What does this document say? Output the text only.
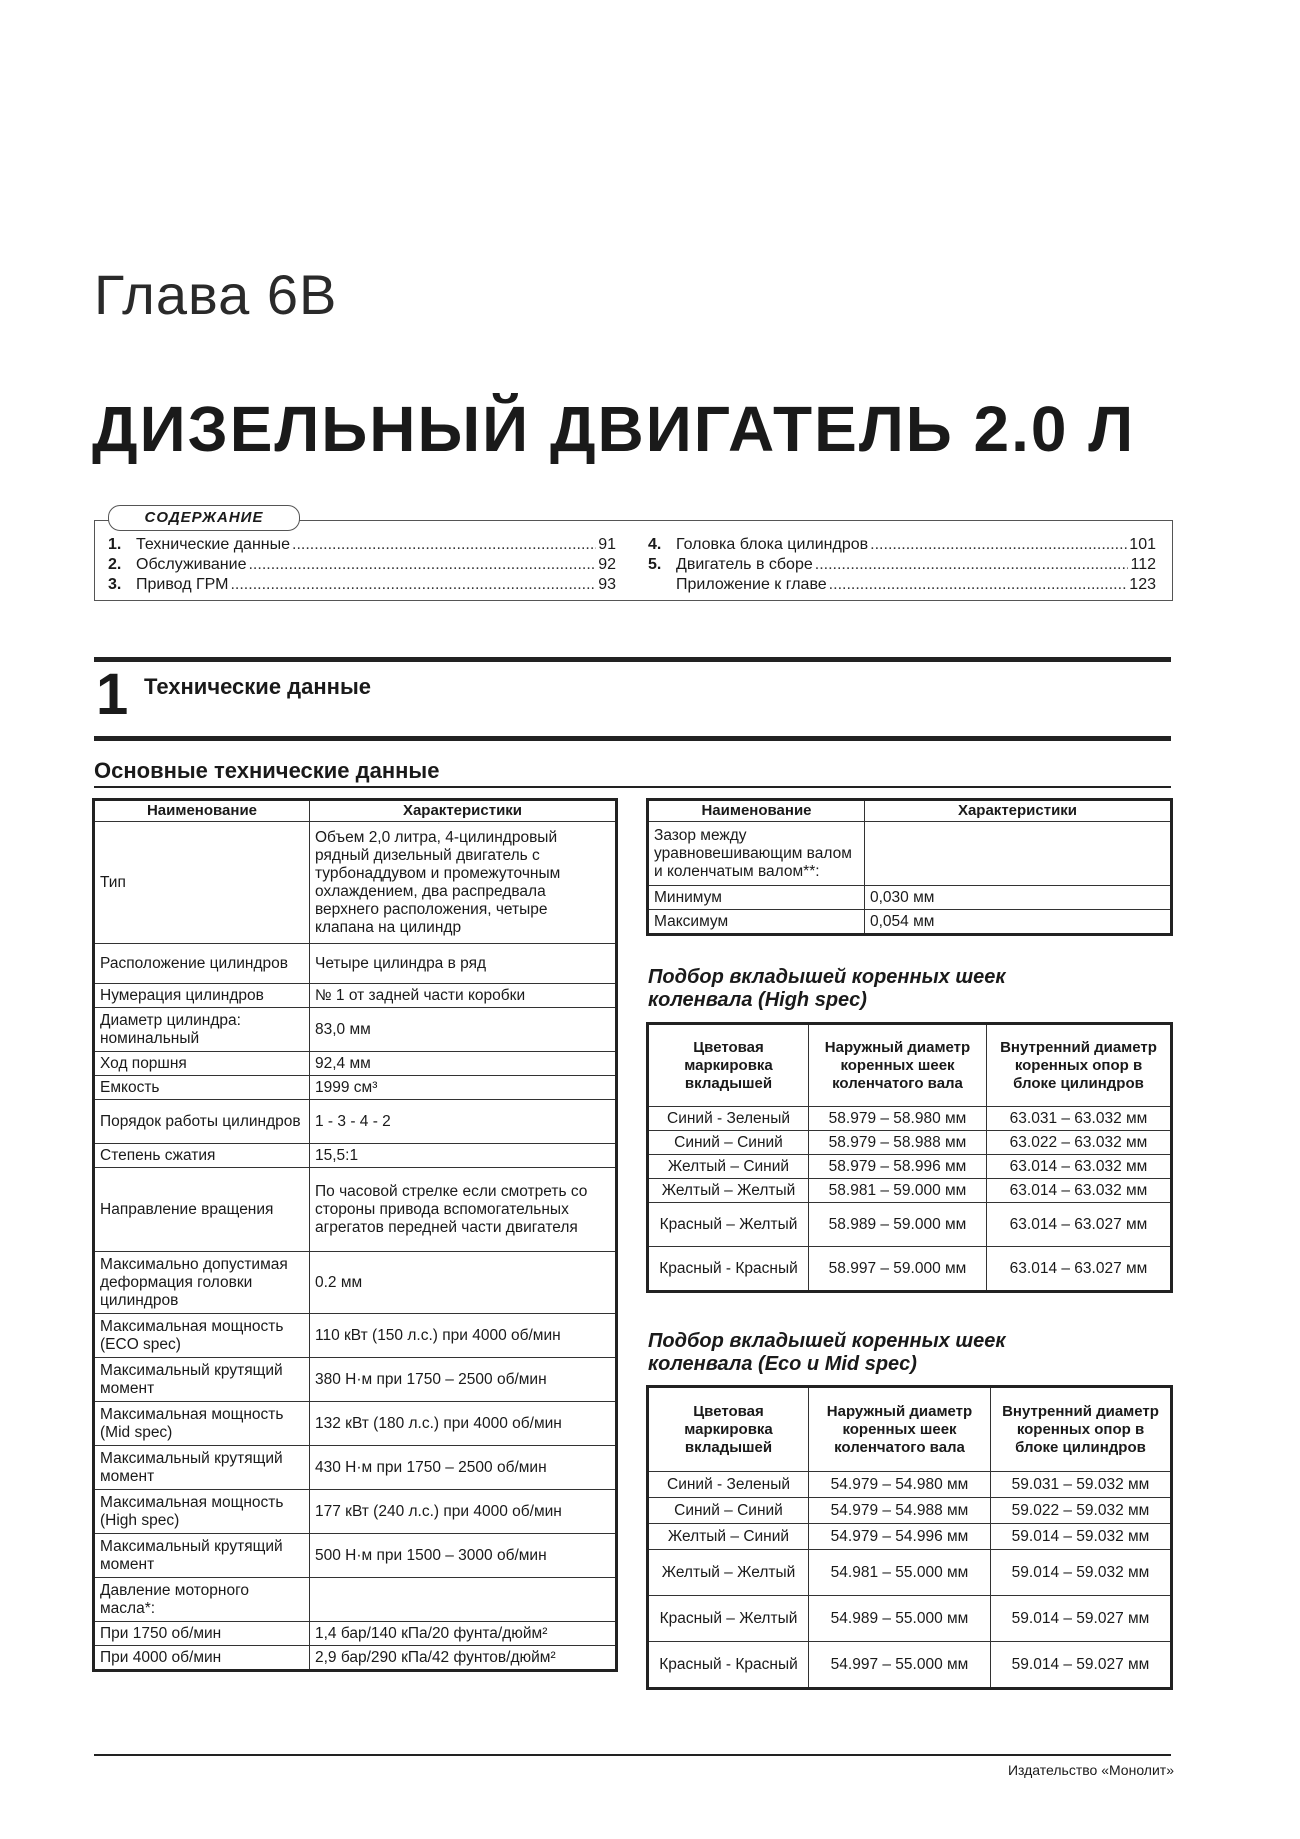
Глава 6В
ДИЗЕЛЬНЫЙ ДВИГАТЕЛЬ 2.0 Л
СОДЕРЖАНИЕ
1. Технические данные .....	91
2. Обслуживание .....	92
3. Привод ГРМ .....	93
4. Головка блока цилиндров .....	101
5. Двигатель в сборе .....	112
Приложение к главе .....	123
1 Технические данные
Основные технические данные
Наименование	Характеристики
Тип	Объем 2,0 литра, 4-цилиндровый рядный дизельный двигатель с турбонаддувом и промежуточным охлаждением, два распредвала верхнего расположения, четыре клапана на цилиндр
Расположение цилиндров	Четыре цилиндра в ряд
Нумерация цилиндров	№ 1 от задней части коробки
Диаметр цилиндра: номинальный	83,0 мм
Ход поршня	92,4 мм
Емкость	1999 см³
Порядок работы цилиндров	1 - 3 - 4 - 2
Степень сжатия	15,5:1
Направление вращения	По часовой стрелке если смотреть со стороны привода вспомогательных агрегатов передней части двигателя
Максимально допустимая деформация головки цилиндров	0.2 мм
Максимальная мощность (ECO spec)	110 кВт (150 л.с.) при 4000 об/мин
Максимальный крутящий момент	380 Н·м при 1750 – 2500 об/мин
Максимальная мощность (Mid spec)	132 кВт (180 л.с.) при 4000 об/мин
Максимальный крутящий момент	430 Н·м при 1750 – 2500 об/мин
Максимальная мощность (High spec)	177 кВт (240 л.с.) при 4000 об/мин
Максимальный крутящий момент	500 Н·м при 1500 – 3000 об/мин
Давление моторного масла*:	
При 1750 об/мин	1,4 бар/140 кПа/20 фунта/дюйм²
При 4000 об/мин	2,9 бар/290 кПа/42 фунтов/дюйм²
Наименование	Характеристики
Зазор между уравновешивающим валом и коленчатым валом**:	
Минимум	0,030 мм
Максимум	0,054 мм
Подбор вкладышей коренных шеек
коленвала (High spec)
Цветовая маркировка вкладышей	Наружный диаметр коренных шеек коленчатого вала	Внутренний диаметр коренных опор в блоке цилиндров
Синий - Зеленый	58.979 – 58.980 мм	63.031 – 63.032 мм
Синий – Синий	58.979 – 58.988 мм	63.022 – 63.032 мм
Желтый – Синий	58.979 – 58.996 мм	63.014 – 63.032 мм
Желтый – Желтый	58.981 – 59.000 мм	63.014 – 63.032 мм
Красный – Желтый	58.989 – 59.000 мм	63.014 – 63.027 мм
Красный - Красный	58.997 – 59.000 мм	63.014 – 63.027 мм
Подбор вкладышей коренных шеек
коленвала (Eco и Mid spec)
Цветовая маркировка вкладышей	Наружный диаметр коренных шеек коленчатого вала	Внутренний диаметр коренных опор в блоке цилиндров
Синий - Зеленый	54.979 – 54.980 мм	59.031 – 59.032 мм
Синий – Синий	54.979 – 54.988 мм	59.022 – 59.032 мм
Желтый – Синий	54.979 – 54.996 мм	59.014 – 59.032 мм
Желтый – Желтый	54.981 – 55.000 мм	59.014 – 59.032 мм
Красный – Желтый	54.989 – 55.000 мм	59.014 – 59.027 мм
Красный - Красный	54.997 – 55.000 мм	59.014 – 59.027 мм
Издательство «Монолит»
